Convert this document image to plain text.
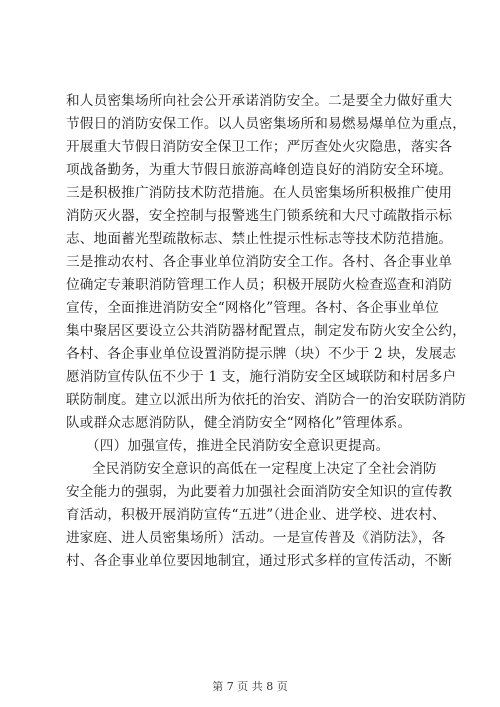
和人员密集场所向社会公开承诺消防安全。二是要全力做好重大
节假日的消防安保工作。以人员密集场所和易燃易爆单位为重点，
开展重大节假日消防安全保卫工作；严厉查处火灾隐患，落实各
项战备勤务，为重大节假日旅游高峰创造良好的消防安全环境。
三是积极推广消防技术防范措施。在人员密集场所积极推广使用
消防灭火器，安全控制与报警逃生门锁系统和大尺寸疏散指示标
志、地面蓄光型疏散标志、禁止性提示性标志等技术防范措施。
三是推动农村、各企事业单位消防安全工作。各村、各企事业单
位确定专兼职消防管理工作人员；积极开展防火检查巡查和消防
宣传，全面推进消防安全“网格化”管理。各村、各企事业单位
集中聚居区要设立公共消防器材配置点，制定发布防火安全公约，
各村、各企事业单位设置消防提示牌（块）不少于 2 块，发展志
愿消防宣传队伍不少于 1 支，施行消防安全区域联防和村居多户
联防制度。建立以派出所为依托的治安、消防合一的治安联防消防
队或群众志愿消防队，健全消防安全“网格化”管理体系。
（四）加强宣传，推进全民消防安全意识更提高。
全民消防安全意识的高低在一定程度上决定了全社会消防
安全能力的强弱，为此要着力加强社会面消防安全知识的宣传教
育活动，积极开展消防宣传“五进”（进企业、进学校、进农村、
进家庭、进人员密集场所）活动。一是宣传普及《消防法》，各
村、各企事业单位要因地制宜，通过形式多样的宣传活动，不断
第 7 页 共 8 页
